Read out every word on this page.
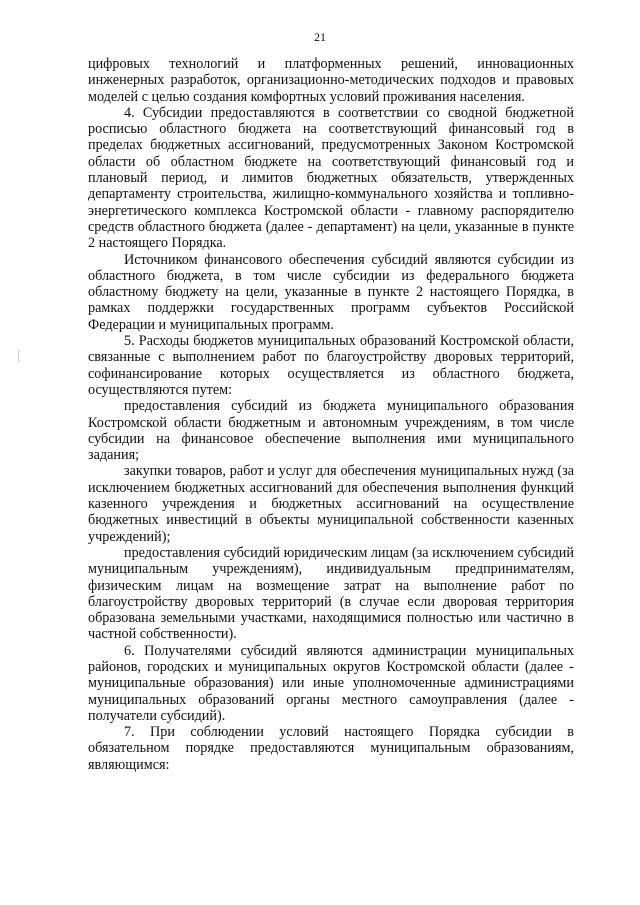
21

цифровых технологий и платформенных решений, инновационных инженерных разработок, организационно-методических подходов и правовых моделей с целью создания комфортных условий проживания населения.

4. Субсидии предоставляются в соответствии со сводной бюджетной росписью областного бюджета на соответствующий финансовый год в пределах бюджетных ассигнований, предусмотренных Законом Костромской области об областном бюджете на соответствующий финансовый год и плановый период, и лимитов бюджетных обязательств, утвержденных департаменту строительства, жилищно-коммунального хозяйства и топливно-энергетического комплекса Костромской области - главному распорядителю средств областного бюджета (далее - департамент) на цели, указанные в пункте 2 настоящего Порядка.

Источником финансового обеспечения субсидий являются субсидии из областного бюджета, в том числе субсидии из федерального бюджета областному бюджету на цели, указанные в пункте 2 настоящего Порядка, в рамках поддержки государственных программ субъектов Российской Федерации и муниципальных программ.

5. Расходы бюджетов муниципальных образований Костромской области, связанные с выполнением работ по благоустройству дворовых территорий, софинансирование которых осуществляется из областного бюджета, осуществляются путем:

предоставления субсидий из бюджета муниципального образования Костромской области бюджетным и автономным учреждениям, в том числе субсидии на финансовое обеспечение выполнения ими муниципального задания;

закупки товаров, работ и услуг для обеспечения муниципальных нужд (за исключением бюджетных ассигнований для обеспечения выполнения функций казенного учреждения и бюджетных ассигнований на осуществление бюджетных инвестиций в объекты муниципальной собственности казенных учреждений);

предоставления субсидий юридическим лицам (за исключением субсидий муниципальным учреждениям), индивидуальным предпринимателям, физическим лицам на возмещение затрат на выполнение работ по благоустройству дворовых территорий (в случае если дворовая территория образована земельными участками, находящимися полностью или частично в частной собственности).

6. Получателями субсидий являются администрации муниципальных районов, городских и муниципальных округов Костромской области (далее - муниципальные образования) или иные уполномоченные администрациями муниципальных образований органы местного самоуправления (далее - получатели субсидий).

7. При соблюдении условий настоящего Порядка субсидии в обязательном порядке предоставляются муниципальным образованиям, являющимся:
